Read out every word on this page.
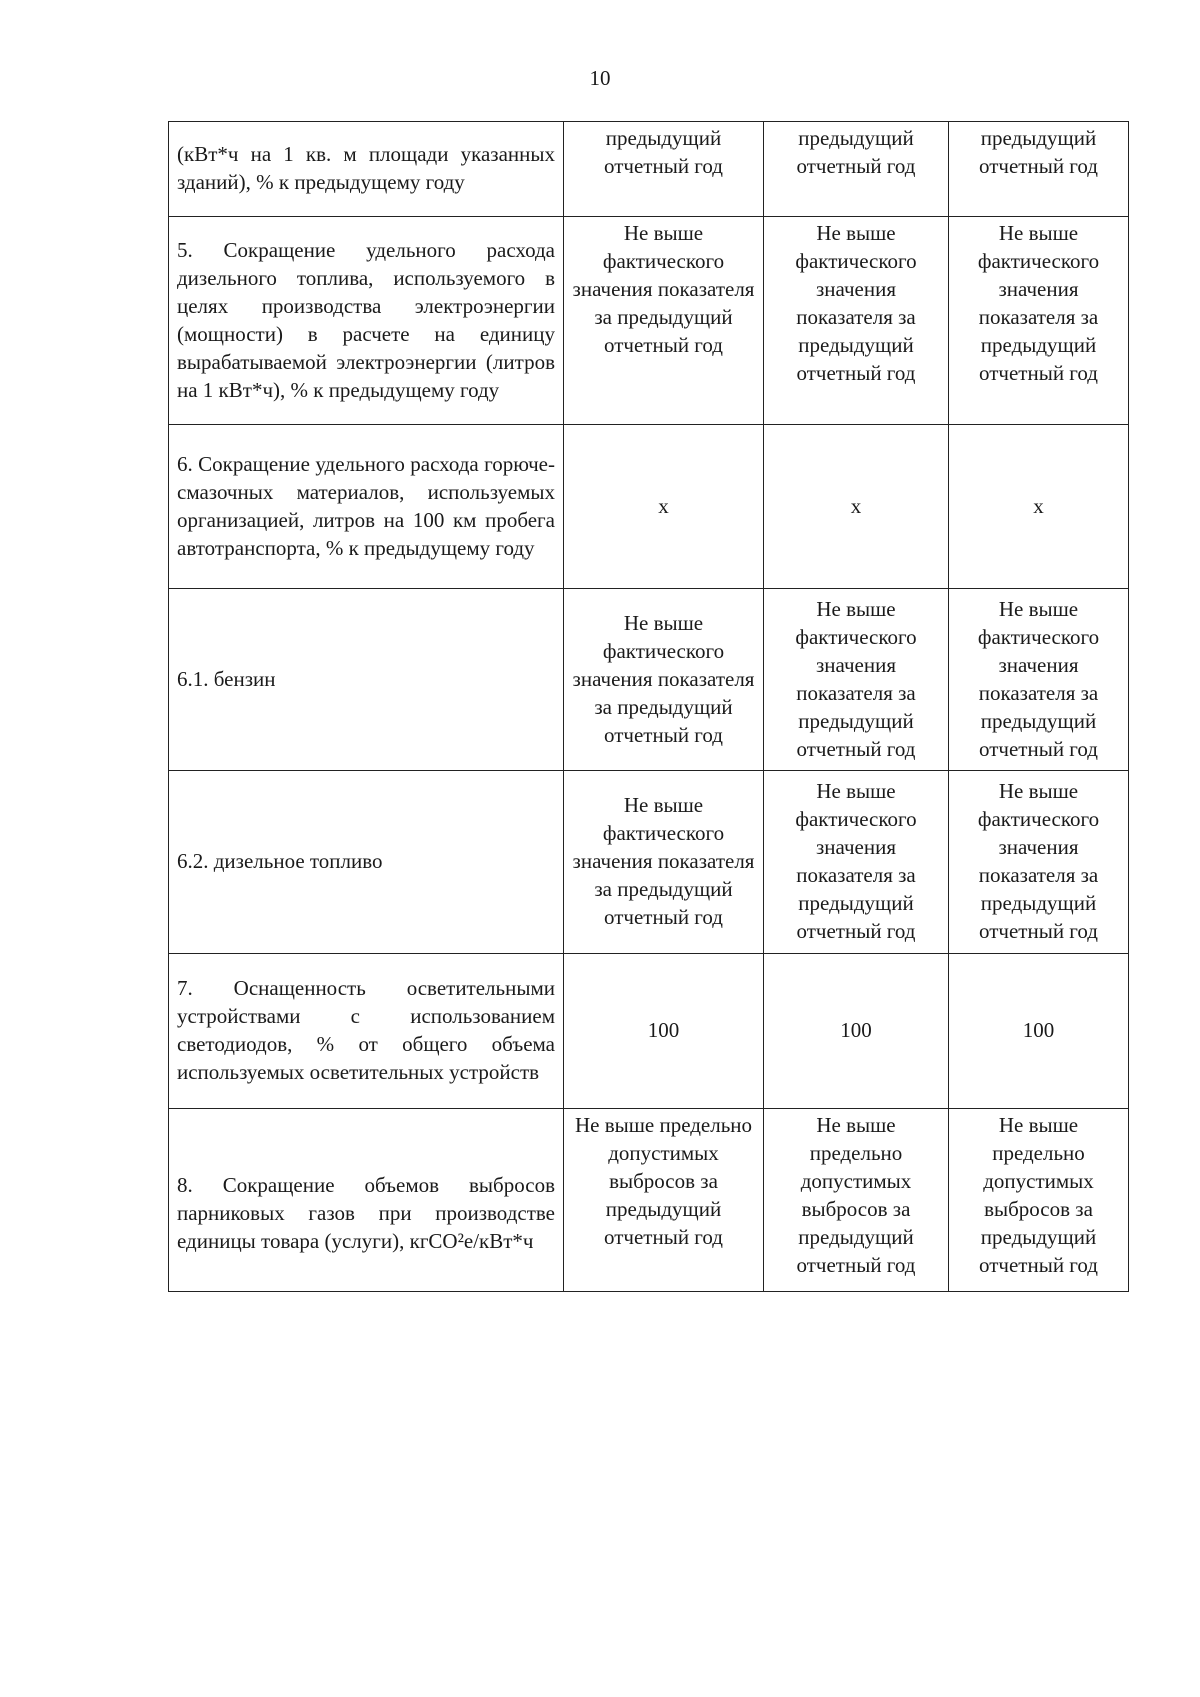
10
(кВт*ч на 1 кв. м площади указанных зданий), % к предыдущему году	предыдущий отчетный год	предыдущий отчетный год	предыдущий отчетный год
5. Сокращение удельного расхода дизельного топлива, используемого в целях производства электроэнергии (мощности) в расчете на единицу вырабатываемой электроэнергии (литров на 1 кВт*ч), % к предыдущему году	Не выше фактического значения показателя за предыдущий отчетный год	Не выше фактического значения показателя за предыдущий отчетный год	Не выше фактического значения показателя за предыдущий отчетный год
6. Сокращение удельного расхода горюче-смазочных материалов, используемых организацией, литров на 100 км пробега автотранспорта, % к предыдущему году	х	х	х
6.1. бензин	Не выше фактического значения показателя за предыдущий отчетный год	Не выше фактического значения показателя за предыдущий отчетный год	Не выше фактического значения показателя за предыдущий отчетный год
6.2. дизельное топливо	Не выше фактического значения показателя за предыдущий отчетный год	Не выше фактического значения показателя за предыдущий отчетный год	Не выше фактического значения показателя за предыдущий отчетный год
7. Оснащенность осветительными устройствами с использованием светодиодов, % от общего объема используемых осветительных устройств	100	100	100
8. Сокращение объемов выбросов парниковых газов при производстве единицы товара (услуги), кгСО²е/кВт*ч	Не выше предельно допустимых выбросов за предыдущий отчетный год	Не выше предельно допустимых выбросов за предыдущий отчетный год	Не выше предельно допустимых выбросов за предыдущий отчетный год
